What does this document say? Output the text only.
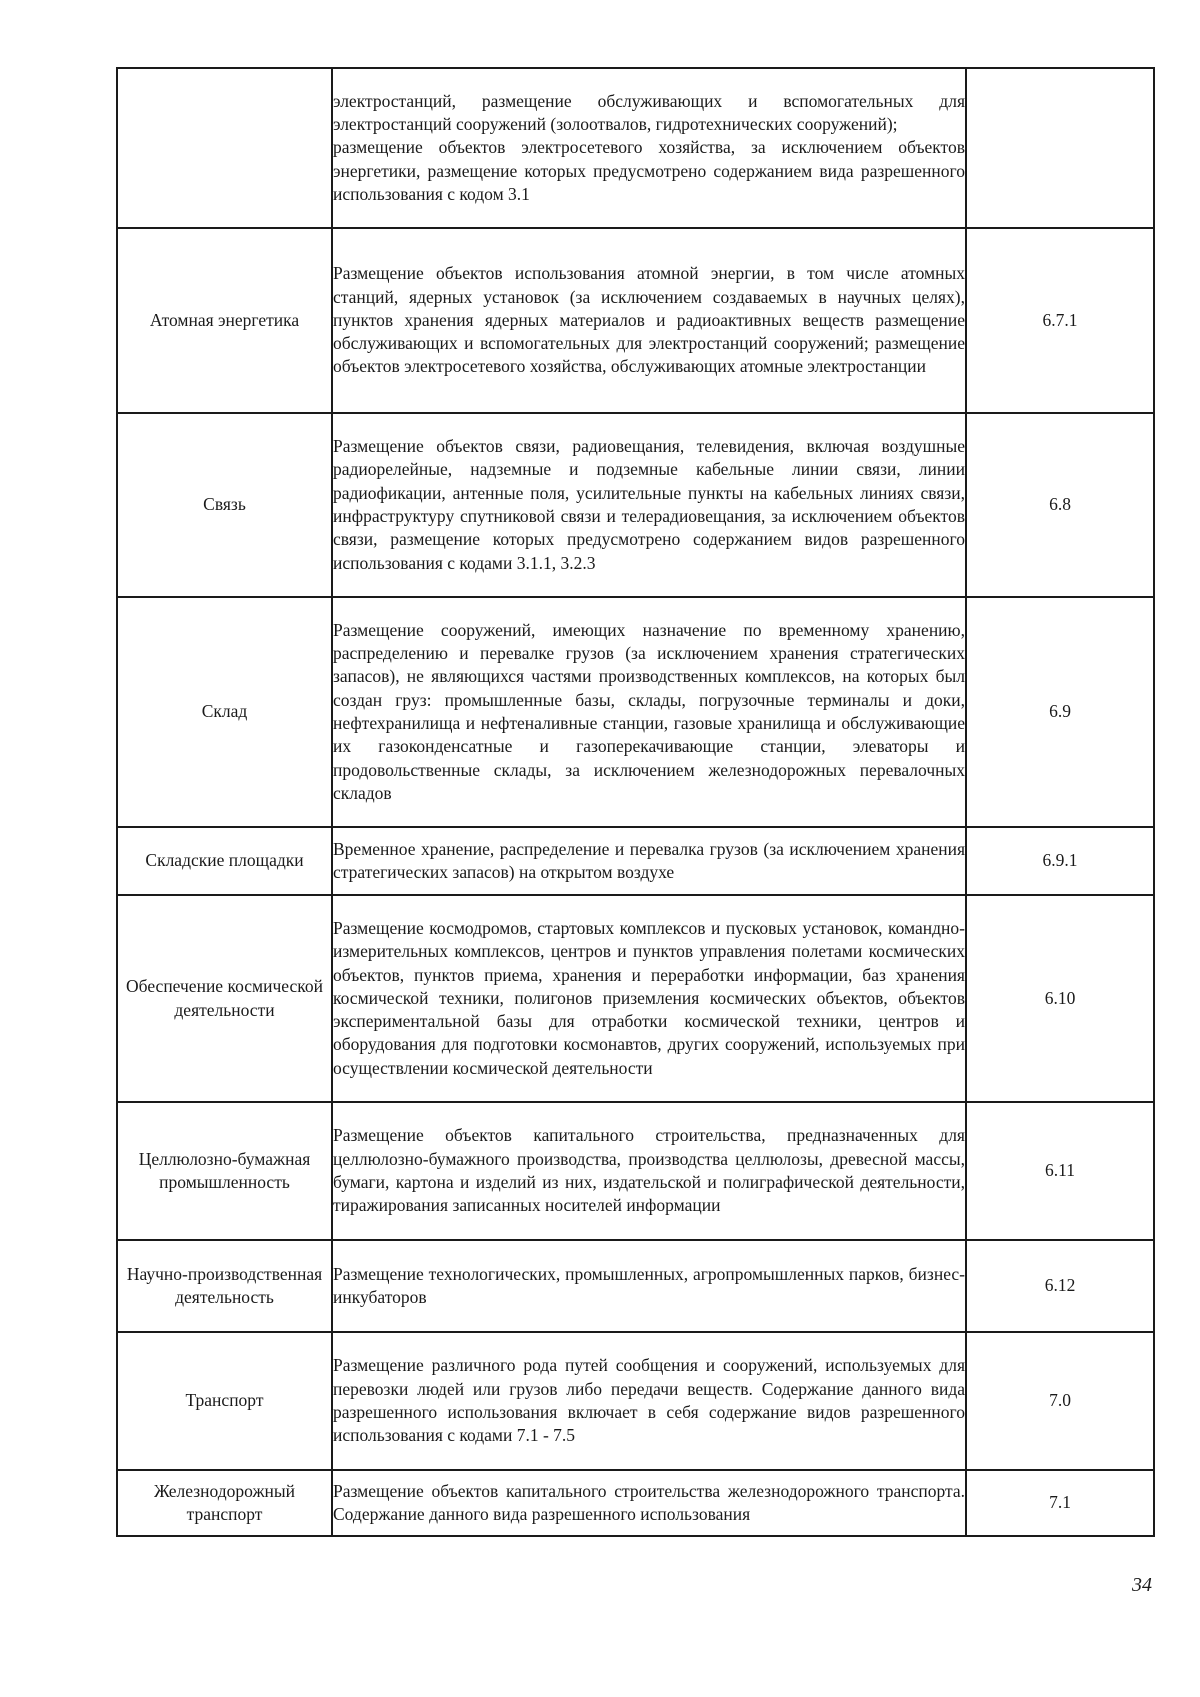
	электростанций, размещение обслуживающих и вспомогательных для электростанций сооружений (золоотвалов, гидротехнических сооружений);
размещение объектов электросетевого хозяйства, за исключением объектов энергетики, размещение которых предусмотрено содержанием вида разрешенного использования с кодом 3.1	

Атомная энергетика	Размещение объектов использования атомной энергии, в том числе атомных станций, ядерных установок (за исключением создаваемых в научных целях), пунктов хранения ядерных материалов и радиоактивных веществ размещение обслуживающих и вспомогательных для электростанций сооружений; размещение объектов электросетевого хозяйства, обслуживающих атомные электростанции	6.7.1
Связь	Размещение объектов связи, радиовещания, телевидения, включая воздушные радиорелейные, надземные и подземные кабельные линии связи, линии радиофикации, антенные поля, усилительные пункты на кабельных линиях связи, инфраструктуру спутниковой связи и телерадиовещания, за исключением объектов связи, размещение которых предусмотрено содержанием видов разрешенного использования с кодами 3.1.1, 3.2.3	6.8
Склад	Размещение сооружений, имеющих назначение по временному хранению, распределению и перевалке грузов (за исключением хранения стратегических запасов), не являющихся частями производственных комплексов, на которых был создан груз: промышленные базы, склады, погрузочные терминалы и доки, нефтехранилища и нефтеналивные станции, газовые хранилища и обслуживающие их газоконденсатные и газоперекачивающие станции, элеваторы и продовольственные склады, за исключением железнодорожных перевалочных складов	6.9
Складские площадки	Временное хранение, распределение и перевалка грузов (за исключением хранения стратегических запасов) на открытом воздухе	6.9.1
Обеспечение космической деятельности	Размещение космодромов, стартовых комплексов и пусковых установок, командно-измерительных комплексов, центров и пунктов управления полетами космических объектов, пунктов приема, хранения и переработки информации, баз хранения космической техники, полигонов приземления космических объектов, объектов экспериментальной базы для отработки космической техники, центров и оборудования для подготовки космонавтов, других сооружений, используемых при осуществлении космической деятельности	6.10
Целлюлозно-бумажная промышленность	Размещение объектов капитального строительства, предназначенных для целлюлозно-бумажного производства, производства целлюлозы, древесной массы, бумаги, картона и изделий из них, издательской и полиграфической деятельности, тиражирования записанных носителей информации	6.11
Научно-производственная деятельность	Размещение технологических, промышленных, агропромышленных парков, бизнес-инкубаторов	6.12
Транспорт	Размещение различного рода путей сообщения и сооружений, используемых для перевозки людей или грузов либо передачи веществ. Содержание данного вида разрешенного использования включает в себя содержание видов разрешенного использования с кодами 7.1 - 7.5	7.0
Железнодорожный транспорт	Размещение объектов капитального строительства железнодорожного транспорта. Содержание данного вида разрешенного использования	7.1
34
